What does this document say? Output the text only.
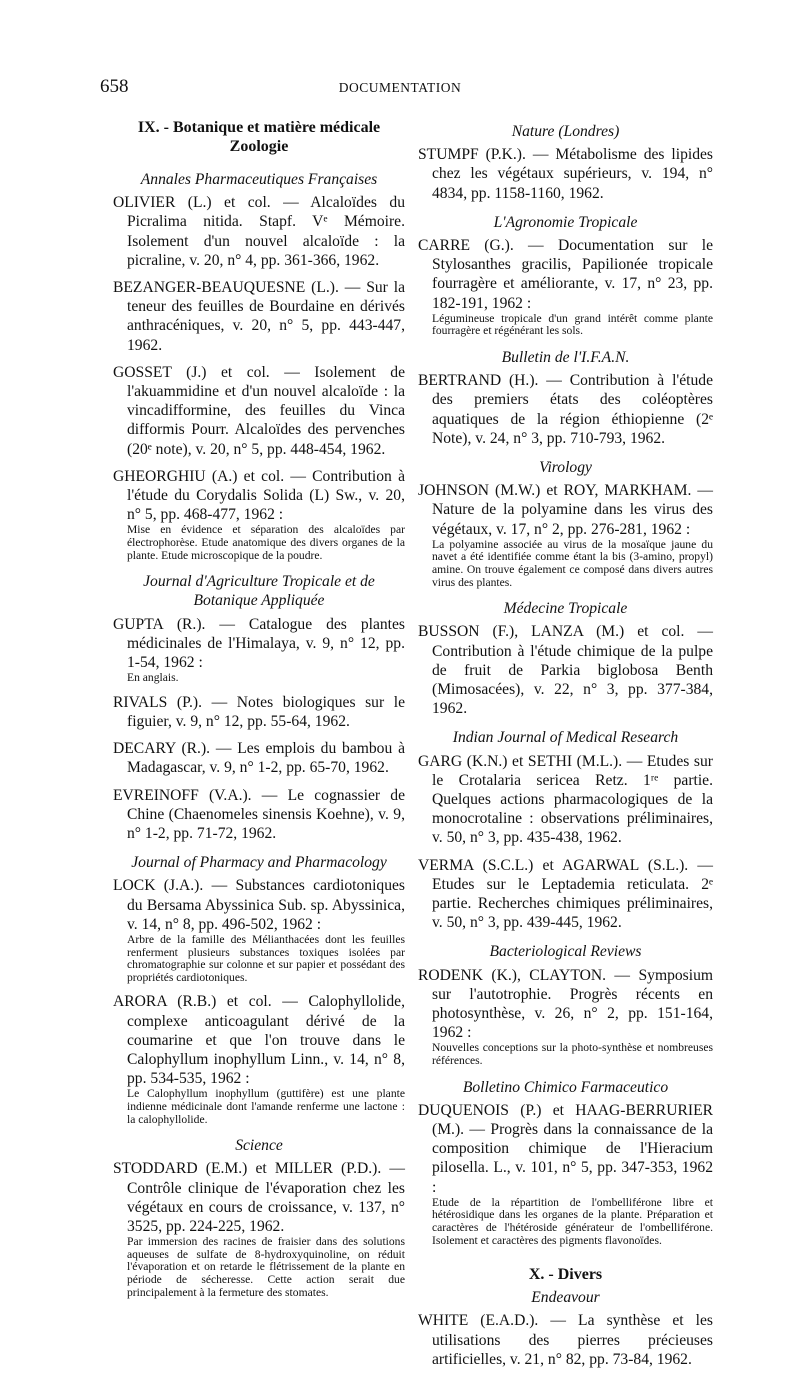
658	DOCUMENTATION
IX. - Botanique et matière médicale Zoologie
Annales Pharmaceutiques Françaises
OLIVIER (L.) et col. — Alcaloïdes du Picralima nitida. Stapf. Vᵉ Mémoire. Isolement d'un nouvel alcaloïde : la picraline, v. 20, n° 4, pp. 361-366, 1962.
BEZANGER-BEAUQUESNE (L.). — Sur la teneur des feuilles de Bourdaine en dérivés anthracéniques, v. 20, n° 5, pp. 443-447, 1962.
GOSSET (J.) et col. — Isolement de l'akuammidine et d'un nouvel alcaloïde : la vincadifformine, des feuilles du Vinca difformis Pourr. Alcaloïdes des pervenches (20ᵉ note), v. 20, n° 5, pp. 448-454, 1962.
GHEORGHIU (A.) et col. — Contribution à l'étude du Corydalis Solida (L) Sw., v. 20, n° 5, pp. 468-477, 1962 :
Mise en évidence et séparation des alcaloïdes par électrophorèse. Etude anatomique des divers organes de la plante. Etude microscopique de la poudre.
Journal d'Agriculture Tropicale et de Botanique Appliquée
GUPTA (R.). — Catalogue des plantes médicinales de l'Himalaya, v. 9, n° 12, pp. 1-54, 1962 :
En anglais.
RIVALS (P.). — Notes biologiques sur le figuier, v. 9, n° 12, pp. 55-64, 1962.
DECARY (R.). — Les emplois du bambou à Madagascar, v. 9, n° 1-2, pp. 65-70, 1962.
EVREINOFF (V.A.). — Le cognassier de Chine (Chaenomeles sinensis Koehne), v. 9, n° 1-2, pp. 71-72, 1962.
Journal of Pharmacy and Pharmacology
LOCK (J.A.). — Substances cardiotoniques du Bersama Abyssinica Sub. sp. Abyssinica, v. 14, n° 8, pp. 496-502, 1962 :
Arbre de la famille des Mélianthacées dont les feuilles renferment plusieurs substances toxiques isolées par chromatographie sur colonne et sur papier et possédant des propriétés cardiotoniques.
ARORA (R.B.) et col. — Calophyllolide, complexe anticoagulant dérivé de la coumarine et que l'on trouve dans le Calophyllum inophyllum Linn., v. 14, n° 8, pp. 534-535, 1962 :
Le Calophyllum inophyllum (guttifère) est une plante indienne médicinale dont l'amande renferme une lactone : la calophyllolide.
Science
STODDARD (E.M.) et MILLER (P.D.). — Contrôle clinique de l'évaporation chez les végétaux en cours de croissance, v. 137, n° 3525, pp. 224-225, 1962.
Par immersion des racines de fraisier dans des solutions aqueuses de sulfate de 8-hydroxyquinoline, on réduit l'évaporation et on retarde le flétrissement de la plante en période de sécheresse. Cette action serait due principalement à la fermeture des stomates.
Nature (Londres)
STUMPF (P.K.). — Métabolisme des lipides chez les végétaux supérieurs, v. 194, n° 4834, pp. 1158-1160, 1962.
L'Agronomie Tropicale
CARRE (G.). — Documentation sur le Stylosanthes gracilis, Papilionée tropicale fourragère et améliorante, v. 17, n° 23, pp. 182-191, 1962 :
Légumineuse tropicale d'un grand intérêt comme plante fourragère et régénérant les sols.
Bulletin de l'I.F.A.N.
BERTRAND (H.). — Contribution à l'étude des premiers états des coléoptères aquatiques de la région éthiopienne (2ᵉ Note), v. 24, n° 3, pp. 710-793, 1962.
Virology
JOHNSON (M.W.) et ROY, MARKHAM. — Nature de la polyamine dans les virus des végétaux, v. 17, n° 2, pp. 276-281, 1962 :
La polyamine associée au virus de la mosaïque jaune du navet a été identifiée comme étant la bis (3-amino, propyl) amine. On trouve également ce composé dans divers autres virus des plantes.
Médecine Tropicale
BUSSON (F.), LANZA (M.) et col. — Contribution à l'étude chimique de la pulpe de fruit de Parkia biglobosa Benth (Mimosacées), v. 22, n° 3, pp. 377-384, 1962.
Indian Journal of Medical Research
GARG (K.N.) et SETHI (M.L.). — Etudes sur le Crotalaria sericea Retz. 1ʳᵉ partie. Quelques actions pharmacologiques de la monocrotaline : observations préliminaires, v. 50, n° 3, pp. 435-438, 1962.
VERMA (S.C.L.) et AGARWAL (S.L.). — Etudes sur le Leptademia reticulata. 2ᵉ partie. Recherches chimiques préliminaires, v. 50, n° 3, pp. 439-445, 1962.
Bacteriological Reviews
RODENK (K.), CLAYTON. — Symposium sur l'autotrophie. Progrès récents en photosynthèse, v. 26, n° 2, pp. 151-164, 1962 :
Nouvelles conceptions sur la photo-synthèse et nombreuses références.
Bolletino Chimico Farmaceutico
DUQUENOIS (P.) et HAAG-BERRURIER (M.). — Progrès dans la connaissance de la composition chimique de l'Hieracium pilosella. L., v. 101, n° 5, pp. 347-353, 1962 :
Etude de la répartition de l'ombelliférone libre et hétérosidique dans les organes de la plante. Préparation et caractères de l'hétéroside générateur de l'ombelliférone. Isolement et caractères des pigments flavonoïdes.
X. - Divers
Endeavour
WHITE (E.A.D.). — La synthèse et les utilisations des pierres précieuses artificielles, v. 21, n° 82, pp. 73-84, 1962.
